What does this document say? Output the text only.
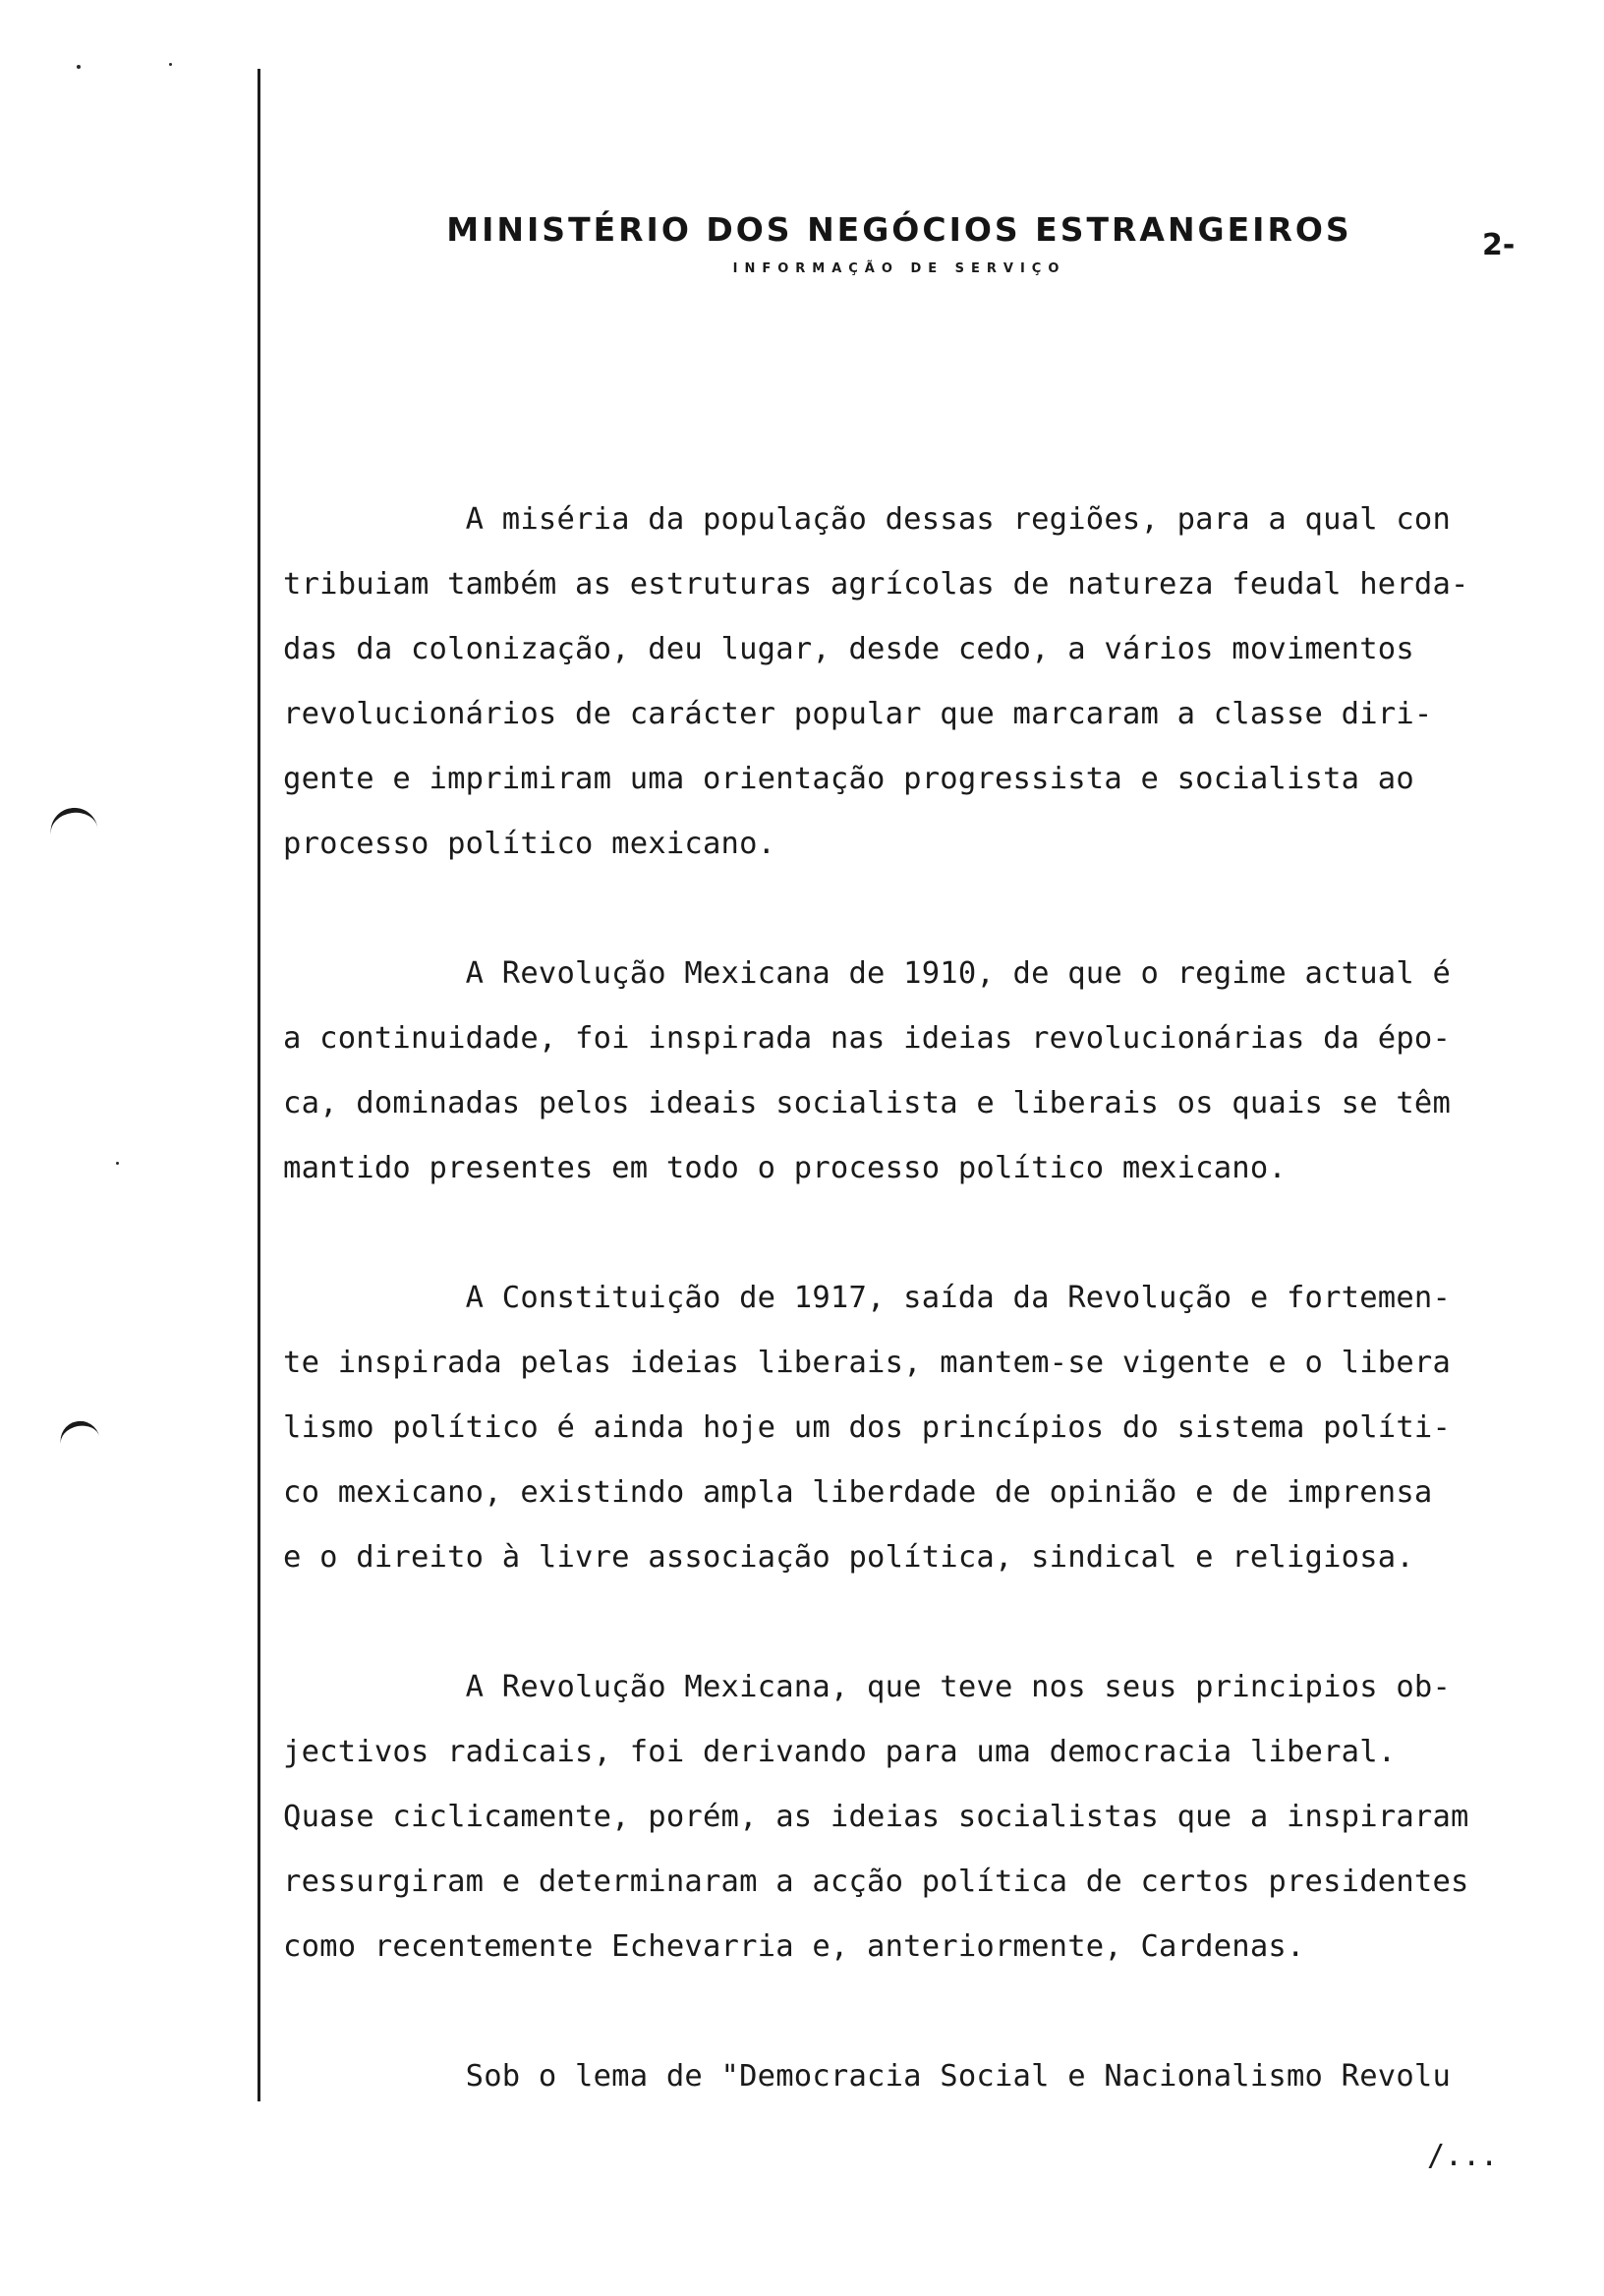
MINISTÉRIO DOS NEGÓCIOS ESTRANGEIROS
INFORMAÇÃO DE SERVIÇO
2-
A miséria da população dessas regiões, para a qual con
tribuiam também as estruturas agrícolas de natureza feudal herda-
das da colonização, deu lugar, desde cedo, a vários movimentos
revolucionários de carácter popular que marcaram a classe diri-
gente e imprimiram uma orientação progressista e socialista ao
processo político mexicano.
A Revolução Mexicana de 1910, de que o regime actual é
a continuidade, foi inspirada nas ideias revolucionárias da épo-
ca, dominadas pelos ideais socialista e liberais os quais se têm
mantido presentes em todo o processo político mexicano.
A Constituição de 1917, saída da Revolução e fortemen-
te inspirada pelas ideias liberais, mantem-se vigente e o libera
lismo político é ainda hoje um dos princípios do sistema políti-
co mexicano, existindo ampla liberdade de opinião e de imprensa
e o direito à livre associação política, sindical e religiosa.
A Revolução Mexicana, que teve nos seus principios ob-
jectivos radicais, foi derivando para uma democracia liberal.
Quase ciclicamente, porém, as ideias socialistas que a inspiraram
ressurgiram e determinaram a acção política de certos presidentes
como recentemente Echevarria e, anteriormente, Cardenas.
Sob o lema de "Democracia Social e Nacionalismo Revolu
/...
